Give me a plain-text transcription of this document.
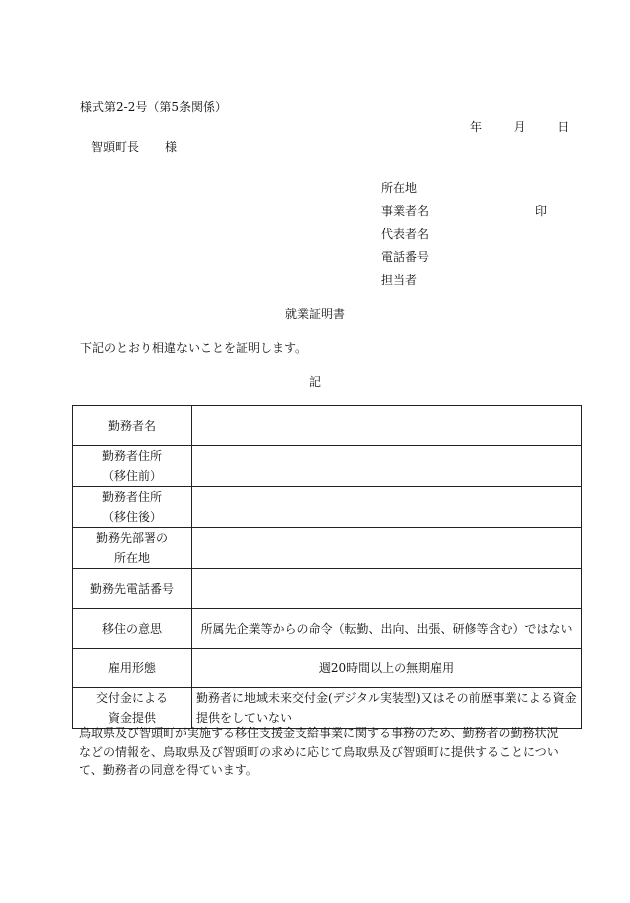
様式第2-2号（第5条関係）
年	月	日
智頭町長 様
所在地
事業者名	印
代表者名
電話番号
担当者
就業証明書
下記のとおり相違ないことを証明します。
記
勤務者名	

勤務者住所
（移住前）	

勤務者住所
（移住後）	

勤務先部署の
所在地	

勤務先電話番号	

移住の意思	所属先企業等からの命令（転勤、出向、出張、研修等含む）ではない

雇用形態	週20時間以上の無期雇用

交付金による
資金提供	勤務者に地域未来交付金(デジタル実装型)又はその前歴事業による資金提供をしていない
鳥取県及び智頭町が実施する移住支援金支給事業に関する事務のため、勤務者の勤務状況などの情報を、鳥取県及び智頭町の求めに応じて鳥取県及び智頭町に提供することについて、勤務者の同意を得ています。
